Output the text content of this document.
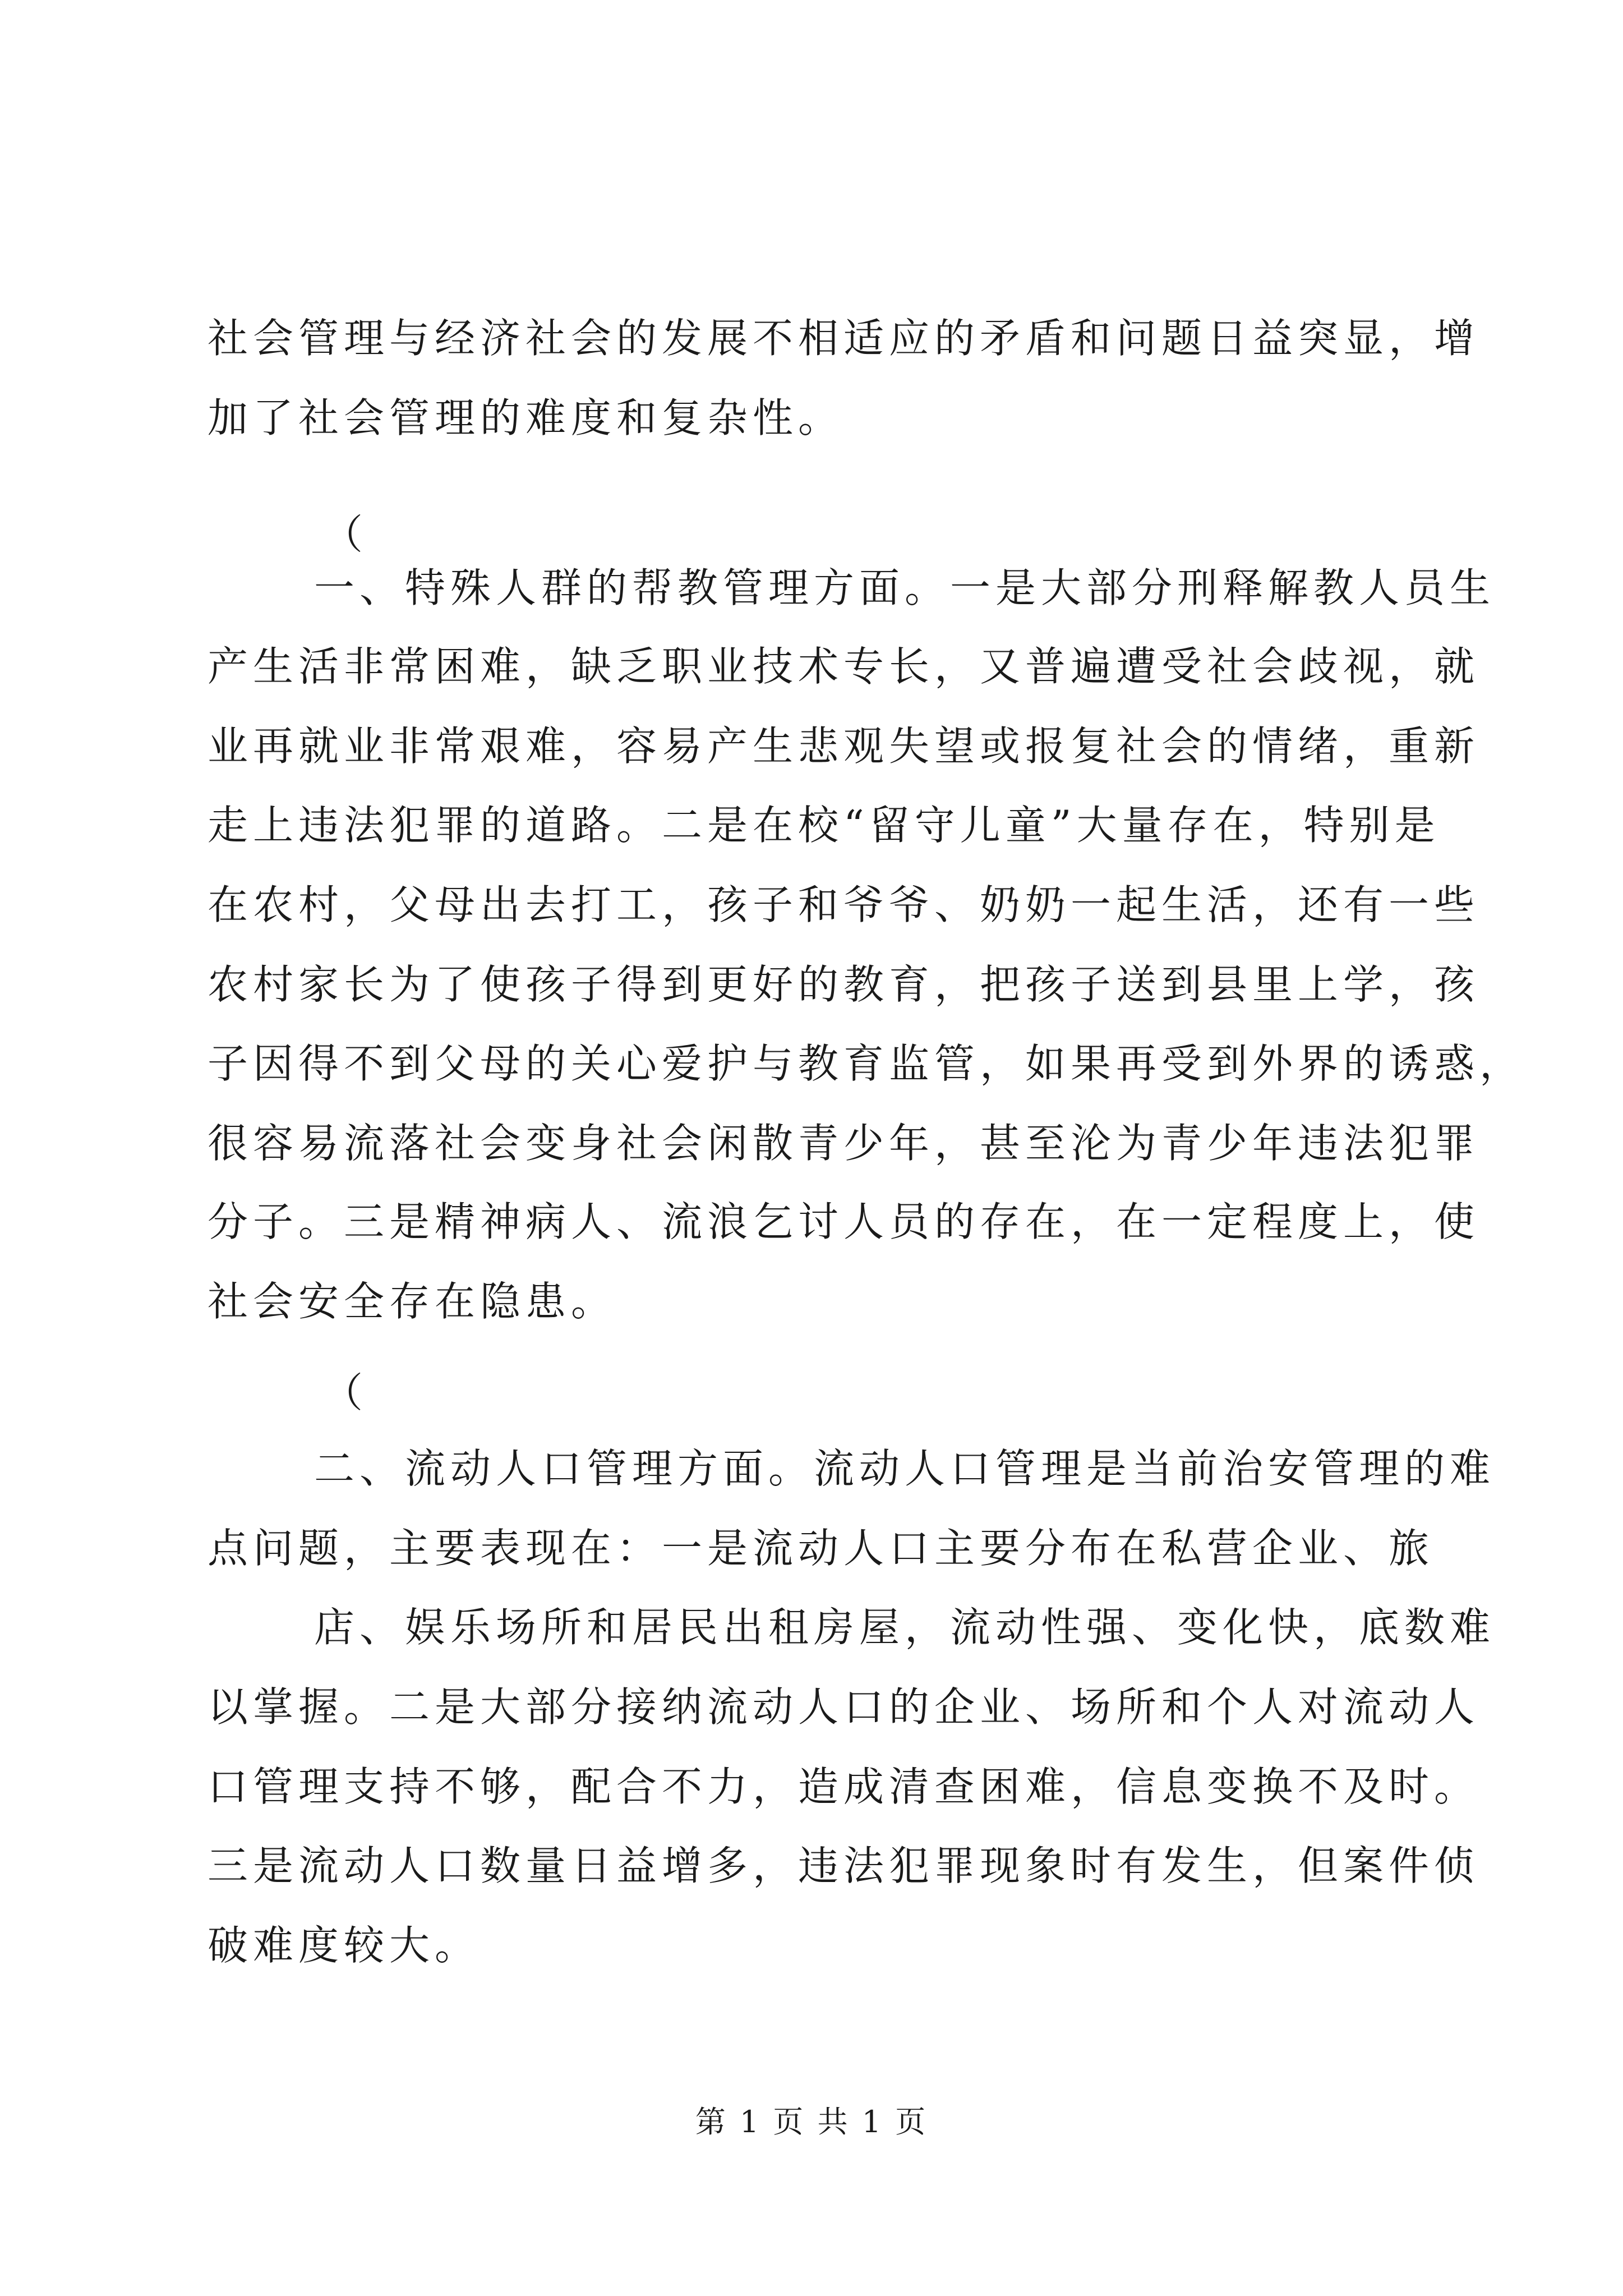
社会管理与经济社会的发展不相适应的矛盾和问题日益突显，增
加了社会管理的难度和复杂性。
（
一、特殊人群的帮教管理方面。一是大部分刑释解教人员生
产生活非常困难，缺乏职业技术专长，又普遍遭受社会歧视，就
业再就业非常艰难，容易产生悲观失望或报复社会的情绪，重新
走上违法犯罪的道路。二是在校“留守儿童”大量存在，特别是
在农村，父母出去打工，孩子和爷爷、奶奶一起生活，还有一些
农村家长为了使孩子得到更好的教育，把孩子送到县里上学，孩
子因得不到父母的关心爱护与教育监管，如果再受到外界的诱惑，
很容易流落社会变身社会闲散青少年，甚至沦为青少年违法犯罪
分子。三是精神病人、流浪乞讨人员的存在，在一定程度上，使
社会安全存在隐患。
（
二、流动人口管理方面。流动人口管理是当前治安管理的难
点问题，主要表现在：一是流动人口主要分布在私营企业、旅
店、娱乐场所和居民出租房屋，流动性强、变化快，底数难
以掌握。二是大部分接纳流动人口的企业、场所和个人对流动人
口管理支持不够，配合不力，造成清查困难，信息变换不及时。
三是流动人口数量日益增多，违法犯罪现象时有发生，但案件侦
破难度较大。
第 1 页 共 1 页
